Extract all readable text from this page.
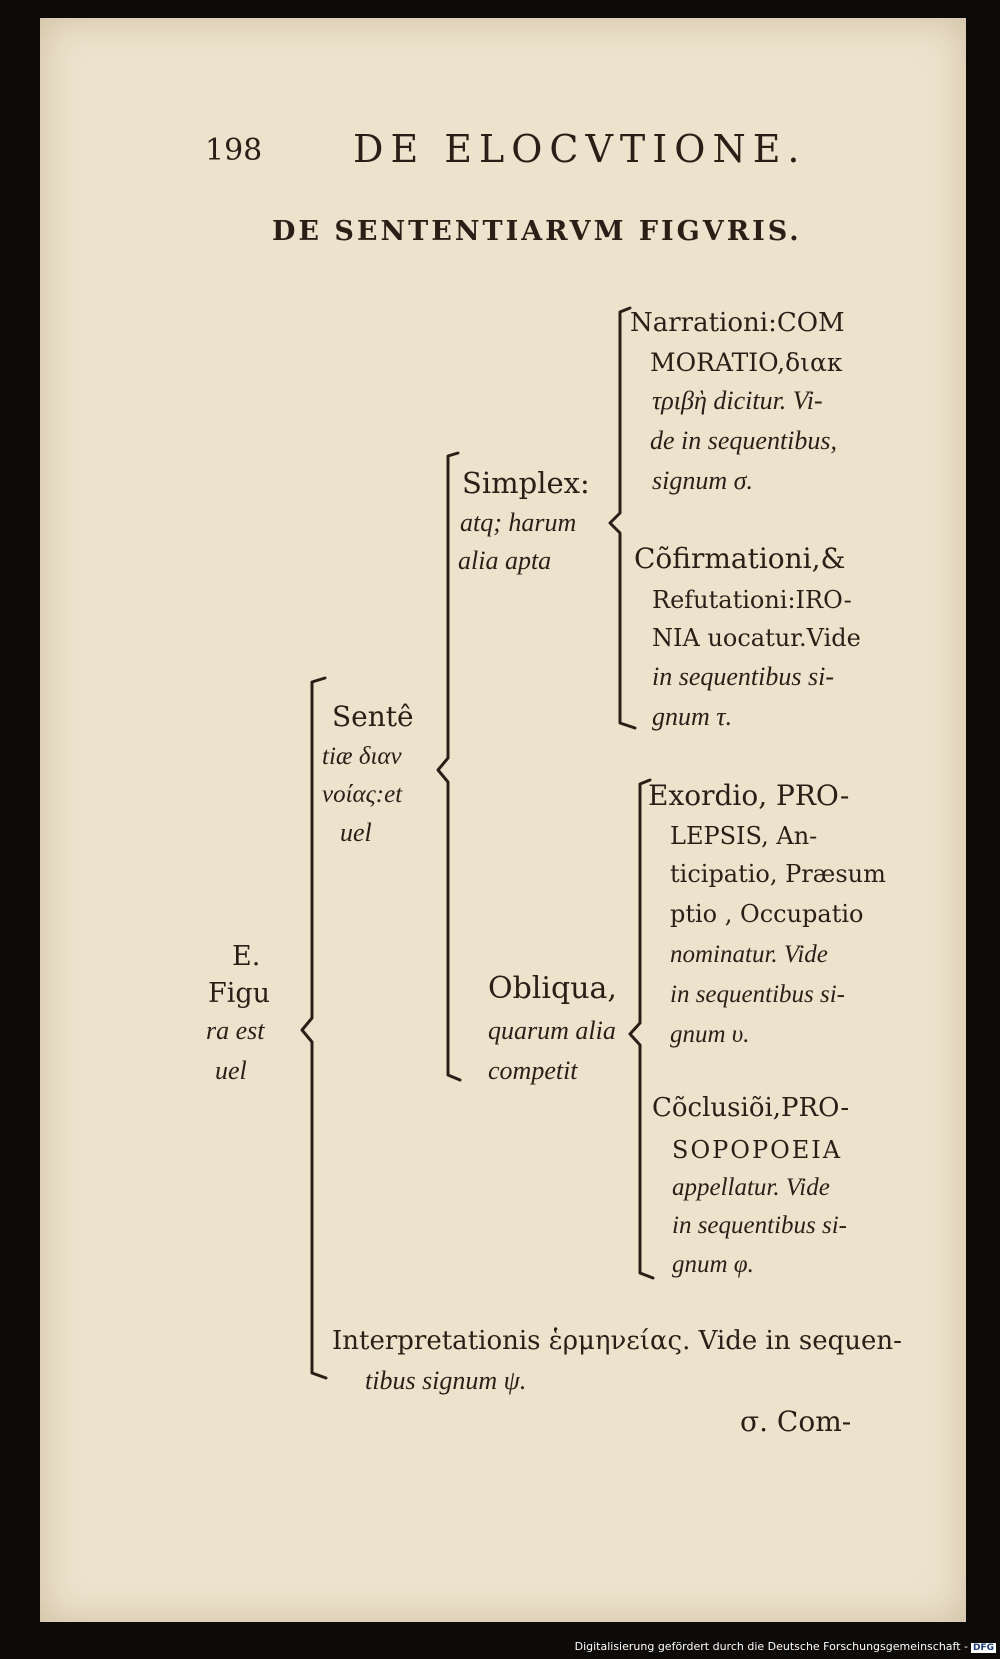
198 DE ELOCVTIONE.
DE SENTENTIARVM FIGVRIS.
E.
Figu
ra est
uel
Sentê
tiæ διαν
νοίας:et
uel
Simplex:
atq; harum
alia apta
Obliqua,
quarum alia
competit
Narrationi:COM
MORATIO,διακ
τριβὴ dicitur. Vi-
de in sequentibus,
signum σ.
Cõfirmationi,&
Refutationi:IRO-
NIA uocatur.Vide
in sequentibus si-
gnum τ.
Exordio, PRO-
LEPSIS, An-
ticipatio, Præsum
ptio , Occupatio
nominatur. Vide
in sequentibus si-
gnum υ.
Cõclusiõi,PRO-
SOPOPOEIA
appellatur. Vide
in sequentibus si-
gnum φ.
Interpretationis ἑρμηνείας. Vide in sequen-
tibus signum ψ.
σ. Com-
Digitalisierung gefördert durch die Deutsche Forschungsgemeinschaft - DFG
